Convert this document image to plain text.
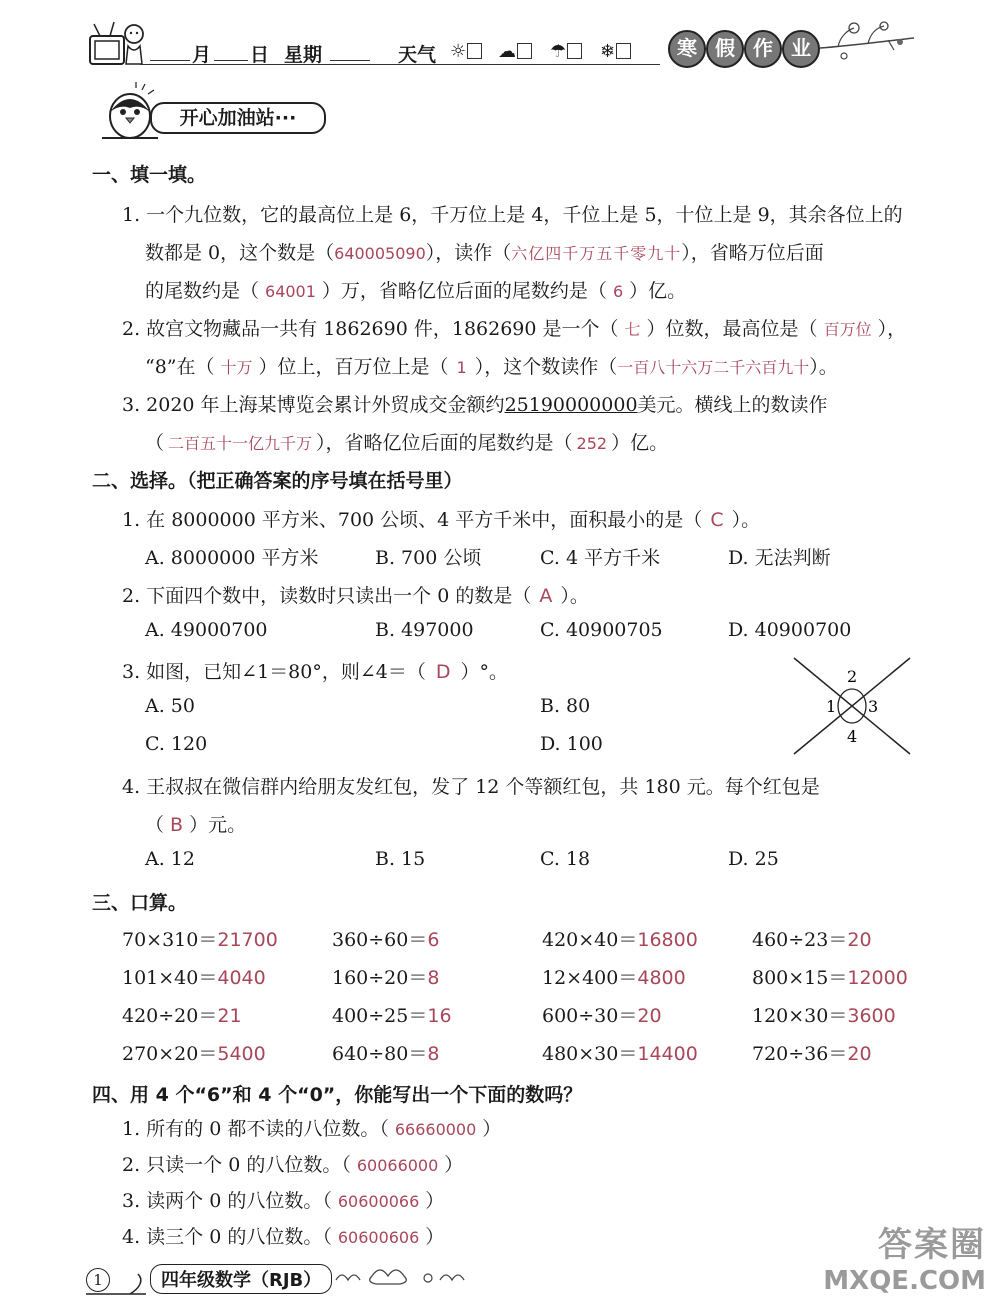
月 日 星期	天气 ☼	☁	☂	❄	寒 假 作 业
开心加油站···
一、填一填。
1. 一个九位数，它的最高位上是 6，千万位上是 4，千位上是 5，十位上是 9，其余各位上的
数都是 0，这个数是（640005090），读作（六亿四千万五千零九十），省略万位后面
的尾数约是（ 64001 ）万，省略亿位后面的尾数约是（ 6 ）亿。
2. 故宫文物藏品一共有 1862690 件，1862690 是一个（ 七 ）位数，最高位是（ 百万位 ），
“8”在（ 十万 ）位上，百万位上是（ 1 ），这个数读作（一百八十六万二千六百九十）。
3. 2020 年上海某博览会累计外贸成交金额约25190000000美元。横线上的数读作
（ 二百五十一亿九千万 ），省略亿位后面的尾数约是（ 252 ）亿。
二、选择。（把正确答案的序号填在括号里）
1. 在 8000000 平方米、700 公顷、4 平方千米中，面积最小的是（ C ）。
A. 8000000 平方米	B. 700 公顷	C. 4 平方千米	D. 无法判断
2. 下面四个数中，读数时只读出一个 0 的数是（ A ）。
A. 49000700	B. 497000	C. 40900705	D. 40900700
3. 如图，已知∠1＝80°，则∠4＝（ D ）°。
A. 50	B. 80
C. 120	D. 100
1
2
3
4
4. 王叔叔在微信群内给朋友发红包，发了 12 个等额红包，共 180 元。每个红包是
（ B ）元。
A. 12	B. 15	C. 18	D. 25
三、口算。
70×310＝21700	360÷60＝6	420×40＝16800	460÷23＝20
101×40＝4040	160÷20＝8	12×400＝4800	800×15＝12000
420÷20＝21	400÷25＝16	600÷30＝20	120×30＝3600
270×20＝5400	640÷80＝8	480×30＝14400	720÷36＝20
四、用 4 个“6”和 4 个“0”，你能写出一个下面的数吗？
1. 所有的 0 都不读的八位数。（ 66660000 ）
2. 只读一个 0 的八位数。（ 60066000 ）
3. 读两个 0 的八位数。（ 60600066 ）
4. 读三个 0 的八位数。（ 60600606 ）
1	四年级数学（RJB）
答案圈
MXQE.COM
